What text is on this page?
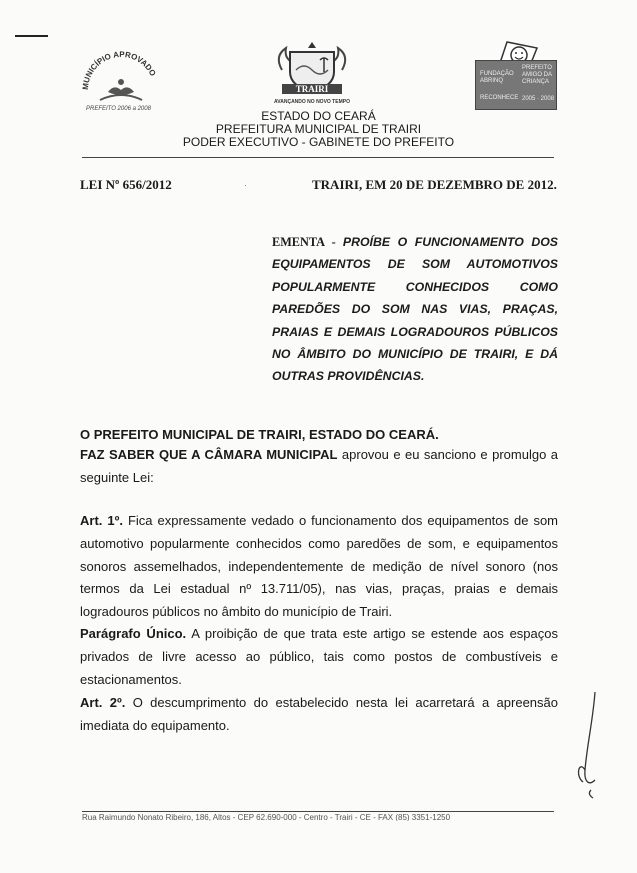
MUNICÍPIO APROVADO
PREFEITO 2006 a 2008
TRAIRI
AVANÇANDO NO NOVO TEMPO
FUNDAÇÃO
ABRINQ
RECONHECE
PREFEITO
AMIGO DA
CRIANÇA
2005 · 2008
ESTADO DO CEARÁ
PREFEITURA MUNICIPAL DE TRAIRI
PODER EXECUTIVO - GABINETE DO PREFEITO
LEI Nº 656/2012	·	TRAIRI, EM 20 DE DEZEMBRO DE 2012.
EMENTA - PROÍBE O FUNCIONAMENTO DOS EQUIPAMENTOS DE SOM AUTOMOTIVOS POPULARMENTE CONHECIDOS COMO PAREDÕES DO SOM NAS VIAS, PRAÇAS, PRAIAS E DEMAIS LOGRADOUROS PÚBLICOS NO ÂMBITO DO MUNICÍPIO DE TRAIRI, E DÁ OUTRAS PROVIDÊNCIAS.
O PREFEITO MUNICIPAL DE TRAIRI, ESTADO DO CEARÁ.
FAZ SABER QUE A CÂMARA MUNICIPAL aprovou e eu sanciono e promulgo a seguinte Lei:
Art. 1º. Fica expressamente vedado o funcionamento dos equipamentos de som automotivo popularmente conhecidos como paredões de som, e equipamentos sonoros assemelhados, independentemente de medição de nível sonoro (nos termos da Lei estadual nº 13.711/05), nas vias, praças, praias e demais logradouros públicos no âmbito do município de Trairi.
Parágrafo Único. A proibição de que trata este artigo se estende aos espaços privados de livre acesso ao público, tais como postos de combustíveis e estacionamentos.
Art. 2º. O descumprimento do estabelecido nesta lei acarretará a apreensão imediata do equipamento.
Rua Raimundo Nonato Ribeiro, 186, Altos - CEP 62.690-000 - Centro - Trairi - CE - FAX (85) 3351-1250
